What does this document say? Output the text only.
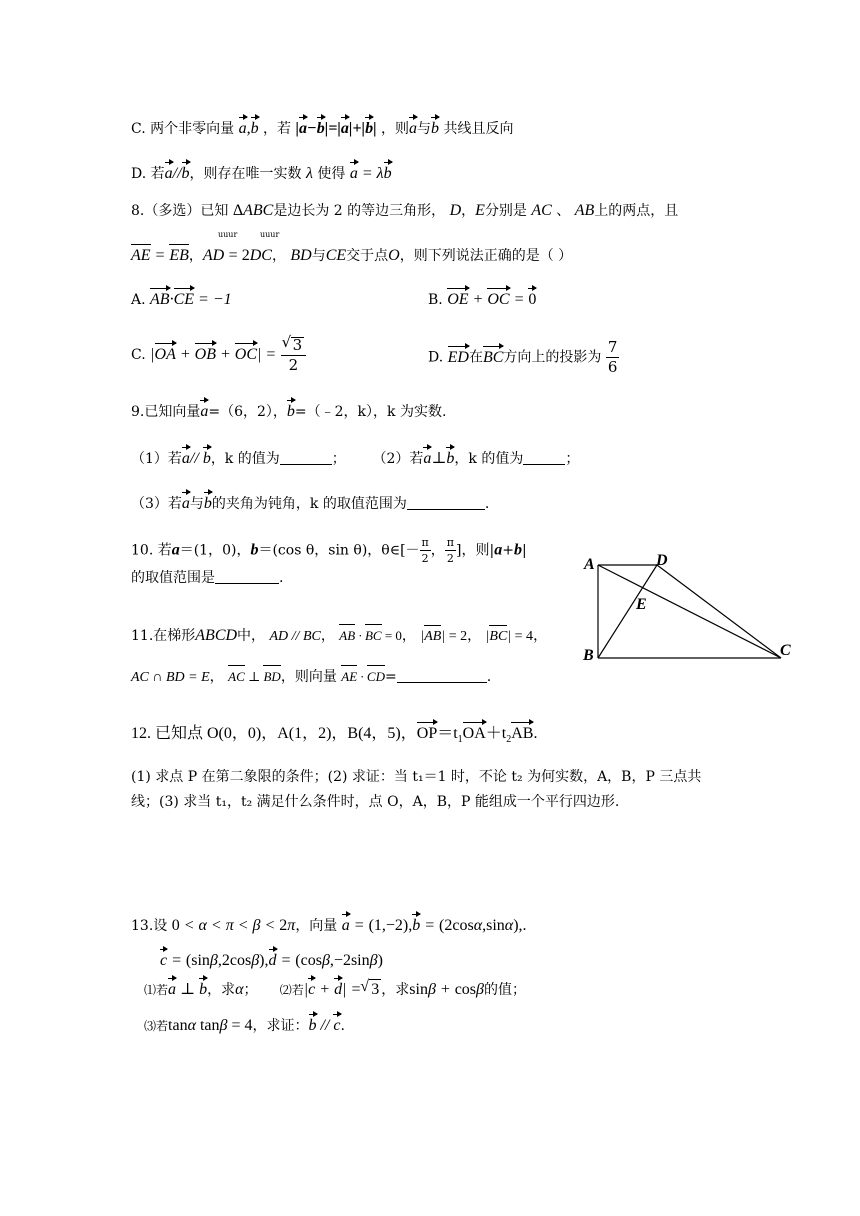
C. 两个非零向量 a,b ，若 |a−b|=|a|+|b| ，则a与b 共线且反向
D. 若a//b，则存在唯一实数 λ 使得 a = λb
8.（多选）已知 ΔABC是边长为 2 的等边三角形， D，E分别是 AC 、 AB上的两点，且
uuur	uuur
AE = EB，AD = 2DC， BD与CE交于点O，则下列说法正确的是（ ）
A. AB·CE = −1	B. OE + OC = 0
C. |OA + OB + OC| = √ $\frac{3}{2}$	D. ED在BC方向上的投影为 $\frac{7}{6}$
9.已知向量a=（6，2），b=（﹣2，k），k 为实数.
（1）若a// b，k 的值为	；      （2）若a⊥b，k 的值为	；
（3）若a与b的夹角为钝角，k 的取值范围为	.
10. 若a＝(1，0)，b＝(cos θ，sin θ)，θ∈[－ $\frac{\pi}{2}$ ， $\frac{\pi}{2}$ ]，则|a+b|
的取值范围是	.
A	D
E
B	C
11.在梯形ABCD中， AD // BC， AB · BC = 0， |AB| = 2， |BC| = 4，
AC ∩ BD = E， AC ⊥ BD，则向量 AE · CD=	.
12. 已知点 O(0，0)，A(1，2)，B(4，5)，$OP=t_1OA+t_2AB$.
(1) 求点 P 在第二象限的条件；(2) 求证：当 t₁＝1 时，不论 t₂ 为何实数，A，B，P 三点共
线；(3) 求当 t₁，t₂ 满足什么条件时，点 O，A，B，P 能组成一个平行四边形.
13.设 0 < α < π < β < 2π，向量 a = (1,−2),b = (2cosα,sinα),.
c = (sinβ,2cosβ),d = (cosβ,−2sinβ)
⑴若a ⊥ b，求α；     ⑵若|c + d| = √ 3 ，求sinβ + cosβ的值；
⑶若tanα tanβ = 4，求证：b // c.
